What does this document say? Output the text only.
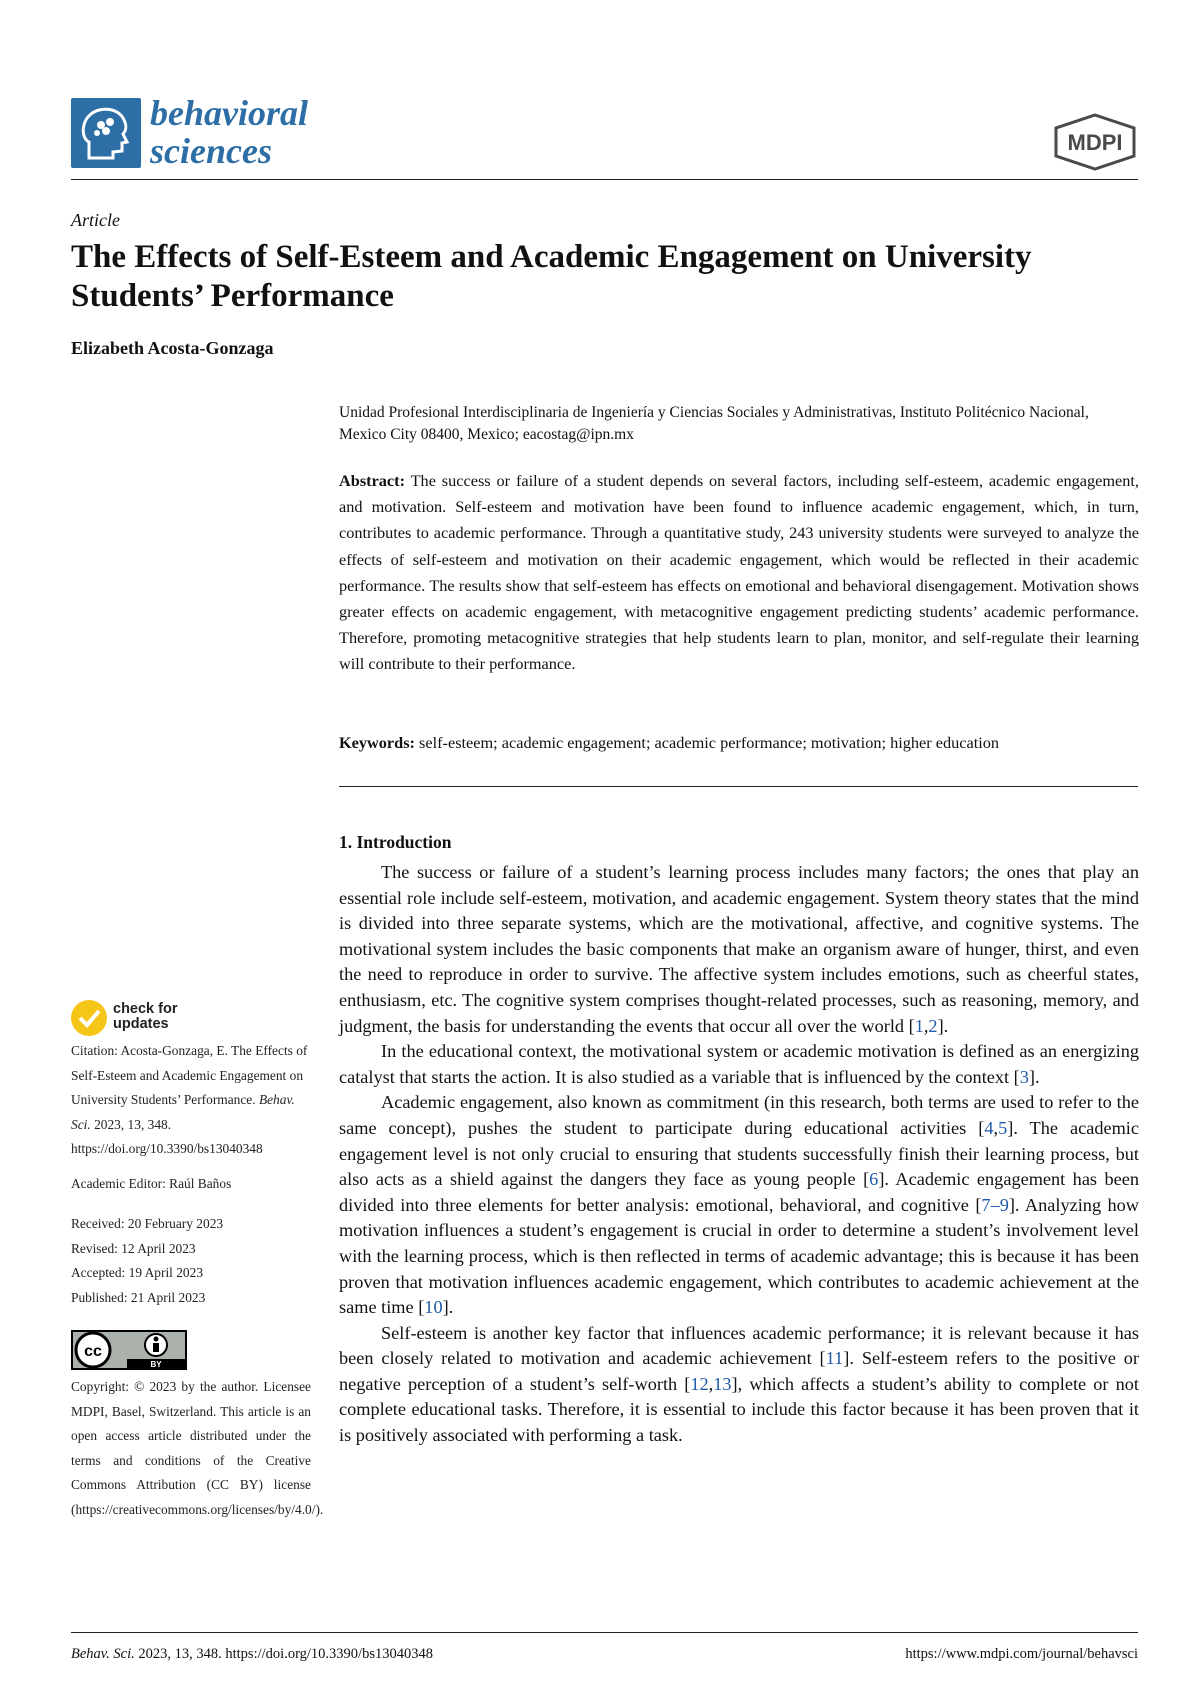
behavioral
sciences	MDPI
Article
The Effects of Self-Esteem and Academic Engagement on University Students’ Performance
Elizabeth Acosta-Gonzaga
Unidad Profesional Interdisciplinaria de Ingeniería y Ciencias Sociales y Administrativas, Instituto Politécnico Nacional, Mexico City 08400, Mexico; eacostag@ipn.mx
Abstract: The success or failure of a student depends on several factors, including self-esteem, academic engagement, and motivation. Self-esteem and motivation have been found to influence academic engagement, which, in turn, contributes to academic performance. Through a quantitative study, 243 university students were surveyed to analyze the effects of self-esteem and motivation on their academic engagement, which would be reflected in their academic performance. The results show that self-esteem has effects on emotional and behavioral disengagement. Motivation shows greater effects on academic engagement, with metacognitive engagement predicting students’ academic performance. Therefore, promoting metacognitive strategies that help students learn to plan, monitor, and self-regulate their learning will contribute to their performance.
Keywords: self-esteem; academic engagement; academic performance; motivation; higher education
1. Introduction

The success or failure of a student’s learning process includes many factors; the ones that play an essential role include self-esteem, motivation, and academic engagement. System theory states that the mind is divided into three separate systems, which are the motivational, affective, and cognitive systems. The motivational system includes the basic components that make an organism aware of hunger, thirst, and even the need to reproduce in order to survive. The affective system includes emotions, such as cheerful states, enthusiasm, etc. The cognitive system comprises thought-related processes, such as reasoning, memory, and judgment, the basis for understanding the events that occur all over the world [1,2].

In the educational context, the motivational system or academic motivation is defined as an energizing catalyst that starts the action. It is also studied as a variable that is influenced by the context [3].

Academic engagement, also known as commitment (in this research, both terms are used to refer to the same concept), pushes the student to participate during educational activities [4,5]. The academic engagement level is not only crucial to ensuring that students successfully finish their learning process, but also acts as a shield against the dangers they face as young people [6]. Academic engagement has been divided into three elements for better analysis: emotional, behavioral, and cognitive [7–9]. Analyzing how motivation influences a student’s engagement is crucial in order to determine a student’s involvement level with the learning process, which is then reflected in terms of academic advantage; this is because it has been proven that motivation influences academic engagement, which contributes to academic achievement at the same time [10].

Self-esteem is another key factor that influences academic performance; it is relevant because it has been closely related to motivation and academic achievement [11]. Self-esteem refers to the positive or negative perception of a student’s self-worth [12,13], which affects a student’s ability to complete or not complete educational tasks. Therefore, it is essential to include this factor because it has been proven that it is positively associated with performing a task.

check for
updates
Citation: Acosta-Gonzaga, E. The Effects of Self-Esteem and Academic Engagement on University Students’ Performance. Behav. Sci. 2023, 13, 348. https://doi.org/10.3390/bs13040348
Academic Editor: Raúl Baños

Received: 20 February 2023

Revised: 12 April 2023

Accepted: 19 April 2023

Published: 21 April 2023

cc
BY
Copyright: © 2023 by the author. Licensee MDPI, Basel, Switzerland. This article is an open access article distributed under the terms and conditions of the Creative Commons Attribution (CC BY) license (https://creativecommons.org/licenses/by/4.0/).
Behav. Sci. 2023, 13, 348. https://doi.org/10.3390/bs13040348	https://www.mdpi.com/journal/behavsci
